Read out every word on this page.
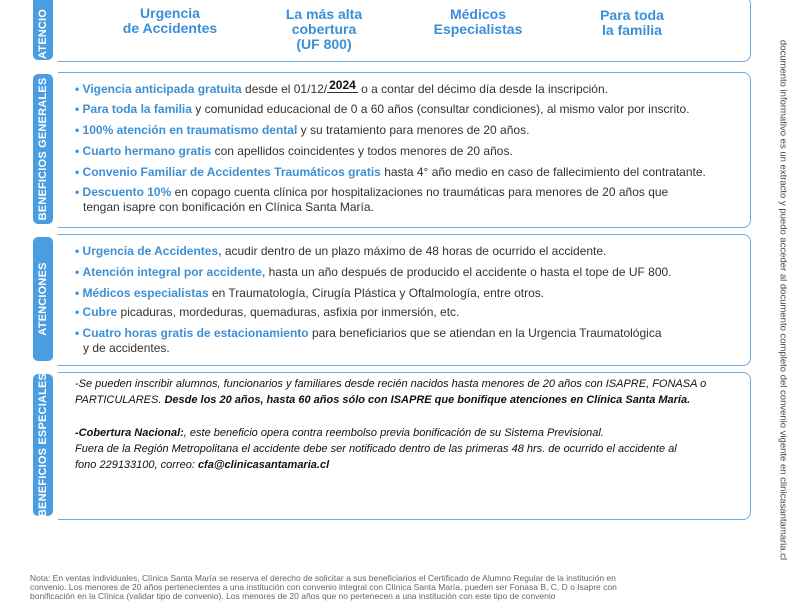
documento informativo es un extracto y puedo acceder al documento completo del convenio vigente en clinicasantamaria.cl
ATENCIO	Urgencia
de Accidentes
La más alta
cobertura
(UF 800)
Médicos
Especialistas
Para toda
la familia
BENEFICIOS GENERALES • Vigencia anticipada gratuita desde el 01/12/ 2024 o a contar del décimo día desde la inscripción.
• Para toda la familia y comunidad educacional de 0 a 60 años (consultar condiciones), al mismo valor por inscrito.
• 100% atención en traumatismo dental y su tratamiento para menores de 20 años.
• Cuarto hermano gratis con apellidos coincidentes y todos menores de 20 años.
• Convenio Familiar de Accidentes Traumáticos gratis hasta 4° año medio en caso de fallecimiento del contratante.
• Descuento 10% en copago cuenta clínica por hospitalizaciones no traumáticas para menores de 20 años que
tengan isapre con bonificación en Clínica Santa María.
ATENCIONES
• Urgencia de Accidentes, acudir dentro de un plazo máximo de 48 horas de ocurrido el accidente.
• Atención integral por accidente, hasta un año después de producido el accidente o hasta el tope de UF 800.
• Médicos especialistas en Traumatología, Cirugía Plástica y Oftalmología, entre otros.
• Cubre picaduras, mordeduras, quemaduras, asfixia por inmersión, etc.
• Cuatro horas gratis de estacionamiento para beneficiarios que se atiendan en la Urgencia Traumatológica
y de accidentes.
BENEFICIOS ESPECIALES -Se pueden inscribir alumnos, funcionarios y familiares desde recién nacidos hasta menores de 20 años con ISAPRE, FONASA o
PARTICULARES. Desde los 20 años, hasta 60 años sólo con ISAPRE que bonifique atenciones en Clínica Santa María.
-Cobertura Nacional:, este beneficio opera contra reembolso previa bonificación de su Sistema Previsional.
Fuera de la Región Metropolitana el accidente debe ser notificado dentro de las primeras 48 hrs. de ocurrido el accidente al
fono 229133100, correo: cfa@clinicasantamaria.cl
Nota: En ventas individuales, Clínica Santa María se reserva el derecho de solicitar a sus beneficiarios el Certificado de Alumno Regular de la institución en
convenio. Los menores de 20 años pertenecientes a una institución con convenio integral con Clínica Santa María, pueden ser Fonasa B, C, D o Isapre con
bonificación en la Clínica (validar tipo de convenio). Los menores de 20 años que no pertenecen a una institución con este tipo de convenio
